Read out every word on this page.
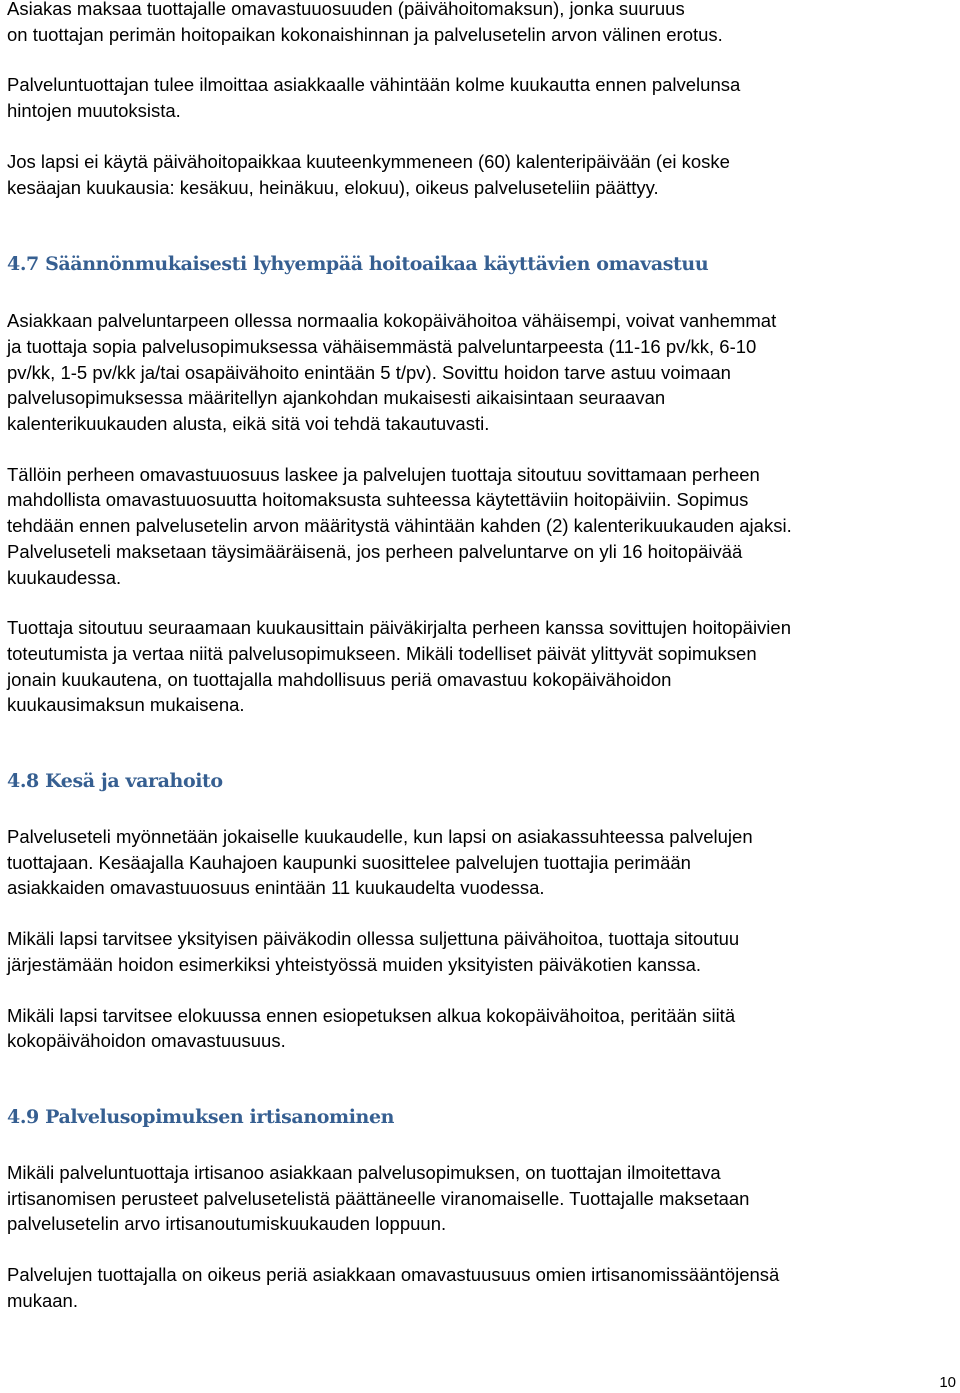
Asiakas maksaa tuottajalle omavastuuosuuden (päivähoitomaksun), jonka suuruus
on tuottajan perimän hoitopaikan kokonaishinnan ja palvelusetelin arvon välinen erotus.

Palveluntuottajan tulee ilmoittaa asiakkaalle vähintään kolme kuukautta ennen palvelunsa
hintojen muutoksista.

Jos lapsi ei käytä päivähoitopaikkaa kuuteenkymmeneen (60) kalenteripäivään (ei koske
kesäajan kuukausia: kesäkuu, heinäkuu, elokuu), oikeus palveluseteliin päättyy.

4.7 Säännönmukaisesti lyhyempää hoitoaikaa käyttävien omavastuu

Asiakkaan palveluntarpeen ollessa normaalia kokopäivähoitoa vähäisempi, voivat vanhemmat
ja tuottaja sopia palvelusopimuksessa vähäisemmästä palveluntarpeesta (11-16 pv/kk, 6-10
pv/kk, 1-5 pv/kk ja/tai osapäivähoito enintään 5 t/pv). Sovittu hoidon tarve astuu voimaan
palvelusopimuksessa määritellyn ajankohdan mukaisesti aikaisintaan seuraavan
kalenterikuukauden alusta, eikä sitä voi tehdä takautuvasti.

Tällöin perheen omavastuuosuus laskee ja palvelujen tuottaja sitoutuu sovittamaan perheen
mahdollista omavastuuosuutta hoitomaksusta suhteessa käytettäviin hoitopäiviin. Sopimus
tehdään ennen palvelusetelin arvon määritystä vähintään kahden (2) kalenterikuukauden ajaksi.
Palveluseteli maksetaan täysimääräisenä, jos perheen palveluntarve on yli 16 hoitopäivää
kuukaudessa.

Tuottaja sitoutuu seuraamaan kuukausittain päiväkirjalta perheen kanssa sovittujen hoitopäivien
toteutumista ja vertaa niitä palvelusopimukseen. Mikäli todelliset päivät ylittyvät sopimuksen
jonain kuukautena, on tuottajalla mahdollisuus periä omavastuu kokopäivähoidon
kuukausimaksun mukaisena.

4.8 Kesä ja varahoito

Palveluseteli myönnetään jokaiselle kuukaudelle, kun lapsi on asiakassuhteessa palvelujen
tuottajaan. Kesäajalla Kauhajoen kaupunki suosittelee palvelujen tuottajia perimään
asiakkaiden omavastuuosuus enintään 11 kuukaudelta vuodessa.

Mikäli lapsi tarvitsee yksityisen päiväkodin ollessa suljettuna päivähoitoa, tuottaja sitoutuu
järjestämään hoidon esimerkiksi yhteistyössä muiden yksityisten päiväkotien kanssa.

Mikäli lapsi tarvitsee elokuussa ennen esiopetuksen alkua kokopäivähoitoa, peritään siitä
kokopäivähoidon omavastuusuus.

4.9 Palvelusopimuksen irtisanominen

Mikäli palveluntuottaja irtisanoo asiakkaan palvelusopimuksen, on tuottajan ilmoitettava
irtisanomisen perusteet palvelusetelistä päättäneelle viranomaiselle. Tuottajalle maksetaan
palvelusetelin arvo irtisanoutumiskuukauden loppuun.

Palvelujen tuottajalla on oikeus periä asiakkaan omavastuusuus omien irtisanomissääntöjensä
mukaan.

10
